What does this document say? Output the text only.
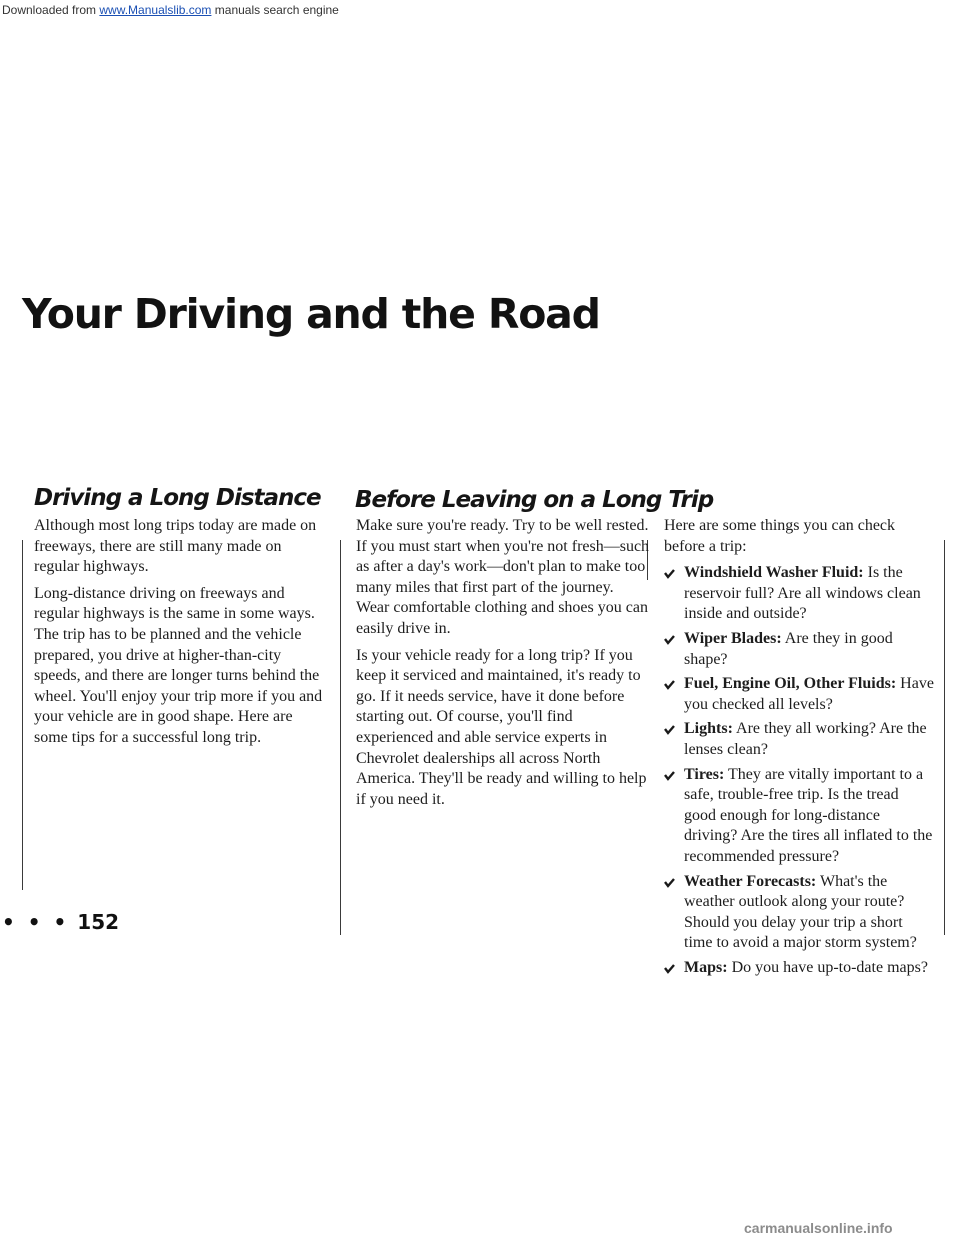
Downloaded from www.Manualslib.com manuals search engine
Your Driving and the Road
Driving a Long Distance Before Leaving on a Long Trip

Although most long trips today are made on freeways, there are still many made on regular highways.

Long-distance driving on freeways and regular highways is the same in some ways. The trip has to be planned and the vehicle prepared, you drive at higher-than-city speeds, and there are longer turns behind the wheel. You'll enjoy your trip more if you and your vehicle are in good shape. Here are some tips for a successful long trip.

Make sure you're ready. Try to be well rested. If you must start when you're not fresh—such as after a day's work—don't plan to make too many miles that first part of the journey. Wear comfortable clothing and shoes you can easily drive in.

Is your vehicle ready for a long trip? If you keep it serviced and maintained, it's ready to go. If it needs service, have it done before starting out. Of course, you'll find experienced and able service experts in Chevrolet dealerships all across North America. They'll be ready and willing to help if you need it.

Here are some things you can check before a trip:

Windshield Washer Fluid: Is the reservoir full? Are all windows clean inside and outside?
Wiper Blades: Are they in good shape?
Fuel, Engine Oil, Other Fluids: Have you checked all levels?
Lights: Are they all working? Are the lenses clean?
Tires: They are vitally important to a safe, trouble-free trip. Is the tread good enough for long-distance driving? Are the tires all inflated to the recommended pressure?
Weather Forecasts: What's the weather outlook along your route? Should you delay your trip a short time to avoid a major storm system?
Maps: Do you have up-to-date maps?
• • • 152
carmanualsonline.info
